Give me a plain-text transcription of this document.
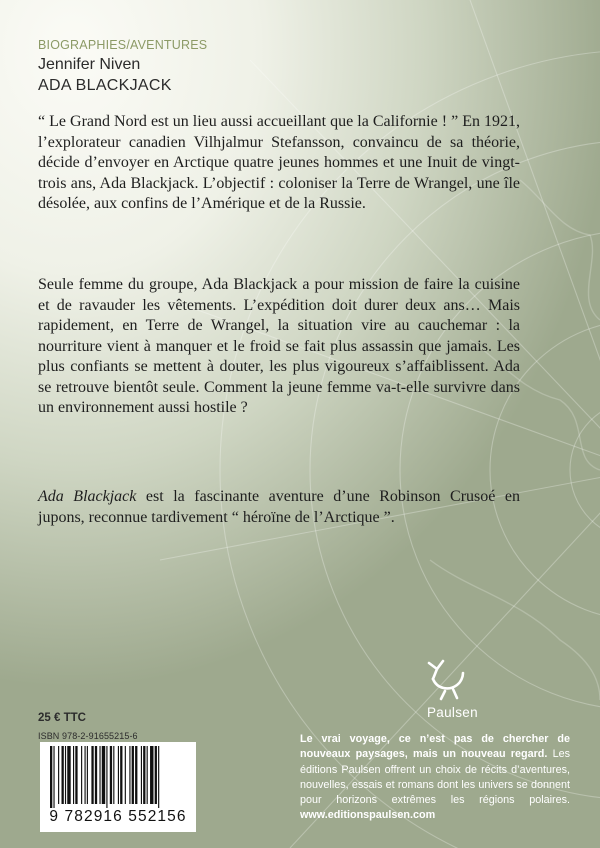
BIOGRAPHIES/AVENTURES

Jennifer Niven

ADA BLACKJACK

“ Le Grand Nord est un lieu aussi accueillant que la Californie ! ” En 1921, l’explorateur canadien Vilhjalmur Stefansson, convaincu de sa théorie, décide d’envoyer en Arctique quatre jeunes hommes et une Inuit de vingt-trois ans, Ada Blackjack. L’objectif : coloniser la Terre de Wrangel, une île désolée, aux confins de l’Amérique et de la Russie.

Seule femme du groupe, Ada Blackjack a pour mission de faire la cuisine et de ravauder les vêtements. L’expédition doit durer deux ans… Mais rapidement, en Terre de Wrangel, la situation vire au cauchemar : la nourriture vient à manquer et le froid se fait plus assassin que jamais. Les plus confiants se mettent à douter, les plus vigoureux s’affaiblissent. Ada se retrouve bientôt seule. Comment la jeune femme va-t-elle survivre dans un environnement aussi hostile ?

Ada Blackjack est la fascinante aventure d’une Robinson Crusoé en jupons, reconnue tardivement “ héroïne de l’Arctique ”.

25 € TTC

ISBN 978-2-91655215-6

9 782916 552156

Paulsen

Le vrai voyage, ce n’est pas de chercher de nouveaux paysages, mais un nouveau regard. Les éditions Paulsen offrent un choix de récits d’aventures, nouvelles, essais et romans dont les univers se donnent pour horizons extrêmes les régions polaires. www.editionspaulsen.com
